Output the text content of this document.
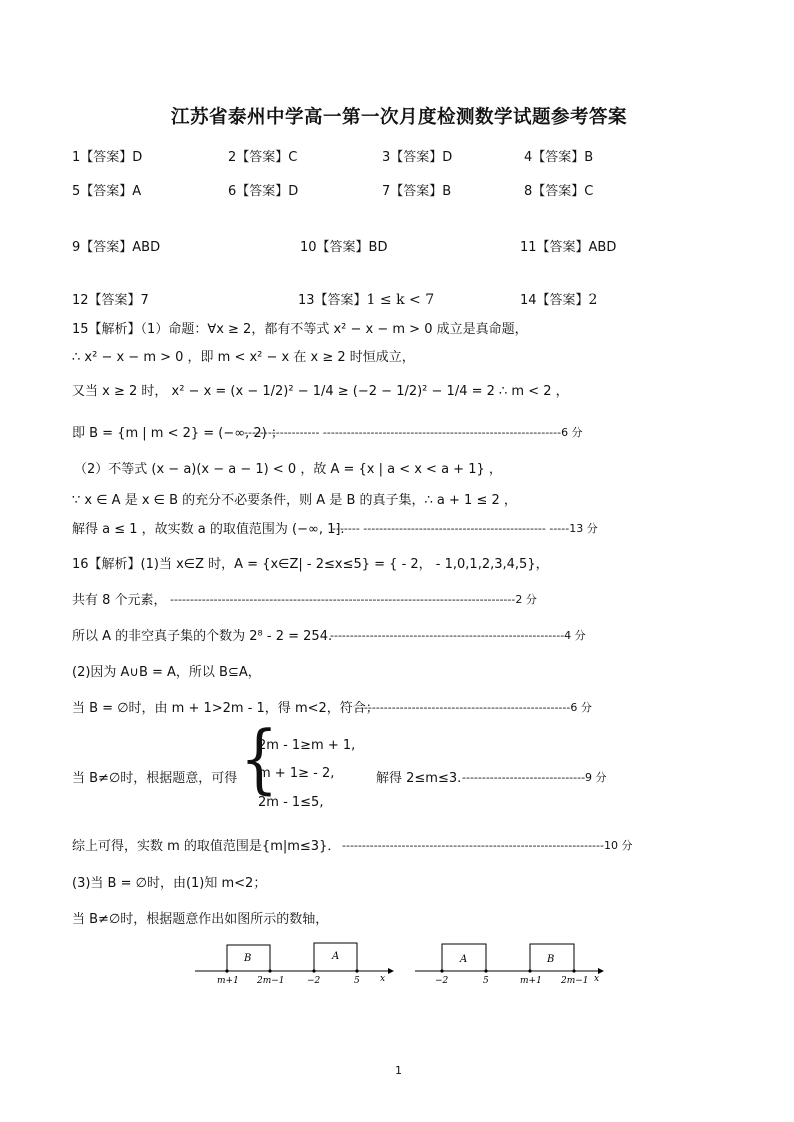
江苏省泰州中学高一第一次月度检测数学试题参考答案
1【答案】D	2【答案】C	3【答案】D	4【答案】B
5【答案】A	6【答案】D	7【答案】B	8【答案】C
9【答案】ABD	10【答案】BD	11【答案】ABD
12【答案】7	13【答案】1 ≤ k < 7	14【答案】2
15【解析】（1）命题：∀x ≥ 2，都有不等式 x² − x − m > 0 成立是真命题，
∴ x² − x − m > 0 ，即 m < x² − x 在 x ≥ 2 时恒成立，
又当 x ≥ 2 时， x² − x = (x − 1/2)² − 1/4 ≥ (−2 − 1/2)² − 1/4 = 2 ∴ m < 2 ，
即 B = {m | m < 2} = (−∞, 2) ；
------------------- ------------------------------------------------------------6 分
（2）不等式 (x − a)(x − a − 1) < 0 ，故 A = {x | a < x < a + 1} ，
∵ x ∈ A 是 x ∈ B 的充分不必要条件，则 A 是 B 的真子集，∴ a + 1 ≤ 2 ，
解得 a ≤ 1 ，故实数 a 的取值范围为 (−∞, 1].
------- ---------------------------------------------- -----13 分
16【解析】(1)当 x∈Z 时，A = {x∈Z| - 2≤x≤5} = { - 2， - 1,0,1,2,3,4,5}，
共有 8 个元素， ---------------------------------------------------------------------------------------2 分
所以 A 的非空真子集的个数为 2⁸ - 2 = 254.
-----------------------------------------------------------4 分
(2)因为 A∪B = A，所以 B⊆A，
当 B = ∅时，由 m + 1>2m - 1，得 m<2，符合；
------------------------------------------------------6 分
当 B≠∅时，根据题意，可得 {
2m - 1≥m + 1,
m + 1≥ - 2,
2m - 1≤5,
解得 2≤m≤3. -------------------------------9 分
综上可得，实数 m 的取值范围是{m|m≤3}． ------------------------------------------------------------------10 分
(3)当 B = ∅时，由(1)知 m<2；
当 B≠∅时，根据题意作出如图所示的数轴，
B	A
m+1 2m−1 −2	5 x
A	B
−2	5	m+1 2m−1 x
1
